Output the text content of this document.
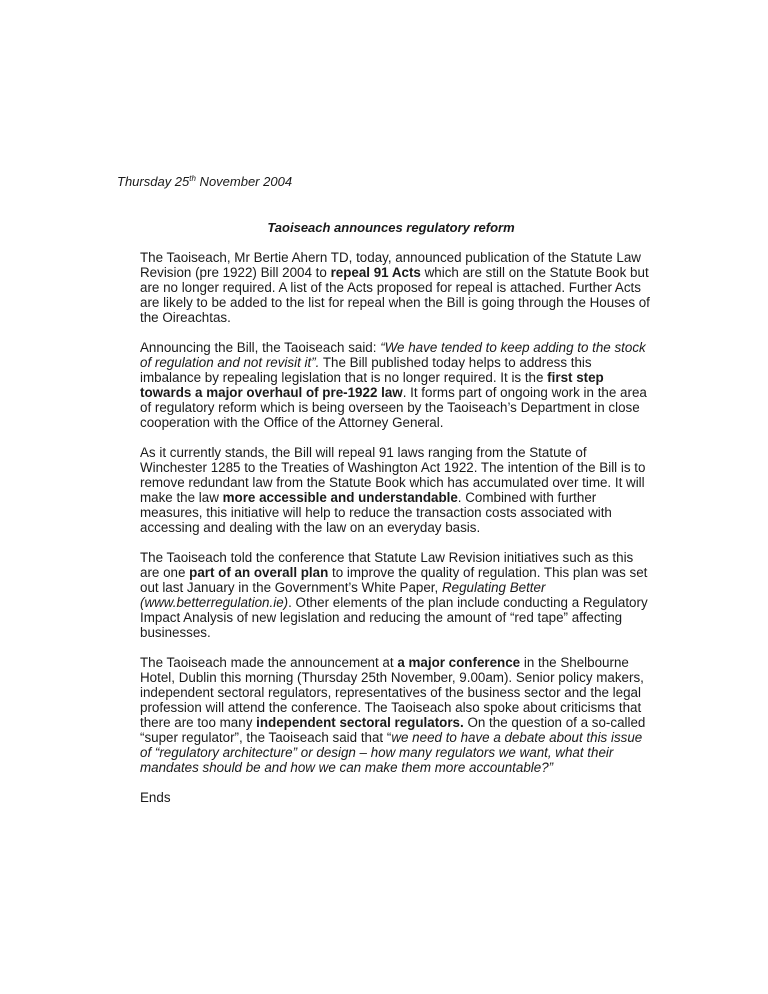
Thursday 25th November 2004
Taoiseach announces regulatory reform

The Taoiseach, Mr Bertie Ahern TD, today, announced publication of the Statute Law Revision (pre 1922) Bill 2004 to repeal 91 Acts which are still on the Statute Book but are no longer required. A list of the Acts proposed for repeal is attached. Further Acts are likely to be added to the list for repeal when the Bill is going through the Houses of the Oireachtas.

Announcing the Bill, the Taoiseach said: “We have tended to keep adding to the stock of regulation and not revisit it”. The Bill published today helps to address this imbalance by repealing legislation that is no longer required. It is the first step towards a major overhaul of pre-1922 law. It forms part of ongoing work in the area of regulatory reform which is being overseen by the Taoiseach’s Department in close cooperation with the Office of the Attorney General.

As it currently stands, the Bill will repeal 91 laws ranging from the Statute of Winchester 1285 to the Treaties of Washington Act 1922. The intention of the Bill is to remove redundant law from the Statute Book which has accumulated over time. It will make the law more accessible and understandable. Combined with further measures, this initiative will help to reduce the transaction costs associated with accessing and dealing with the law on an everyday basis.

The Taoiseach told the conference that Statute Law Revision initiatives such as this are one part of an overall plan to improve the quality of regulation. This plan was set out last January in the Government’s White Paper, Regulating Better (www.betterregulation.ie). Other elements of the plan include conducting a Regulatory Impact Analysis of new legislation and reducing the amount of “red tape” affecting businesses.

The Taoiseach made the announcement at a major conference in the Shelbourne Hotel, Dublin this morning (Thursday 25th November, 9.00am). Senior policy makers, independent sectoral regulators, representatives of the business sector and the legal profession will attend the conference. The Taoiseach also spoke about criticisms that there are too many independent sectoral regulators. On the question of a so-called “super regulator”, the Taoiseach said that “we need to have a debate about this issue of “regulatory architecture” or design – how many regulators we want, what their mandates should be and how we can make them more accountable?”

Ends
